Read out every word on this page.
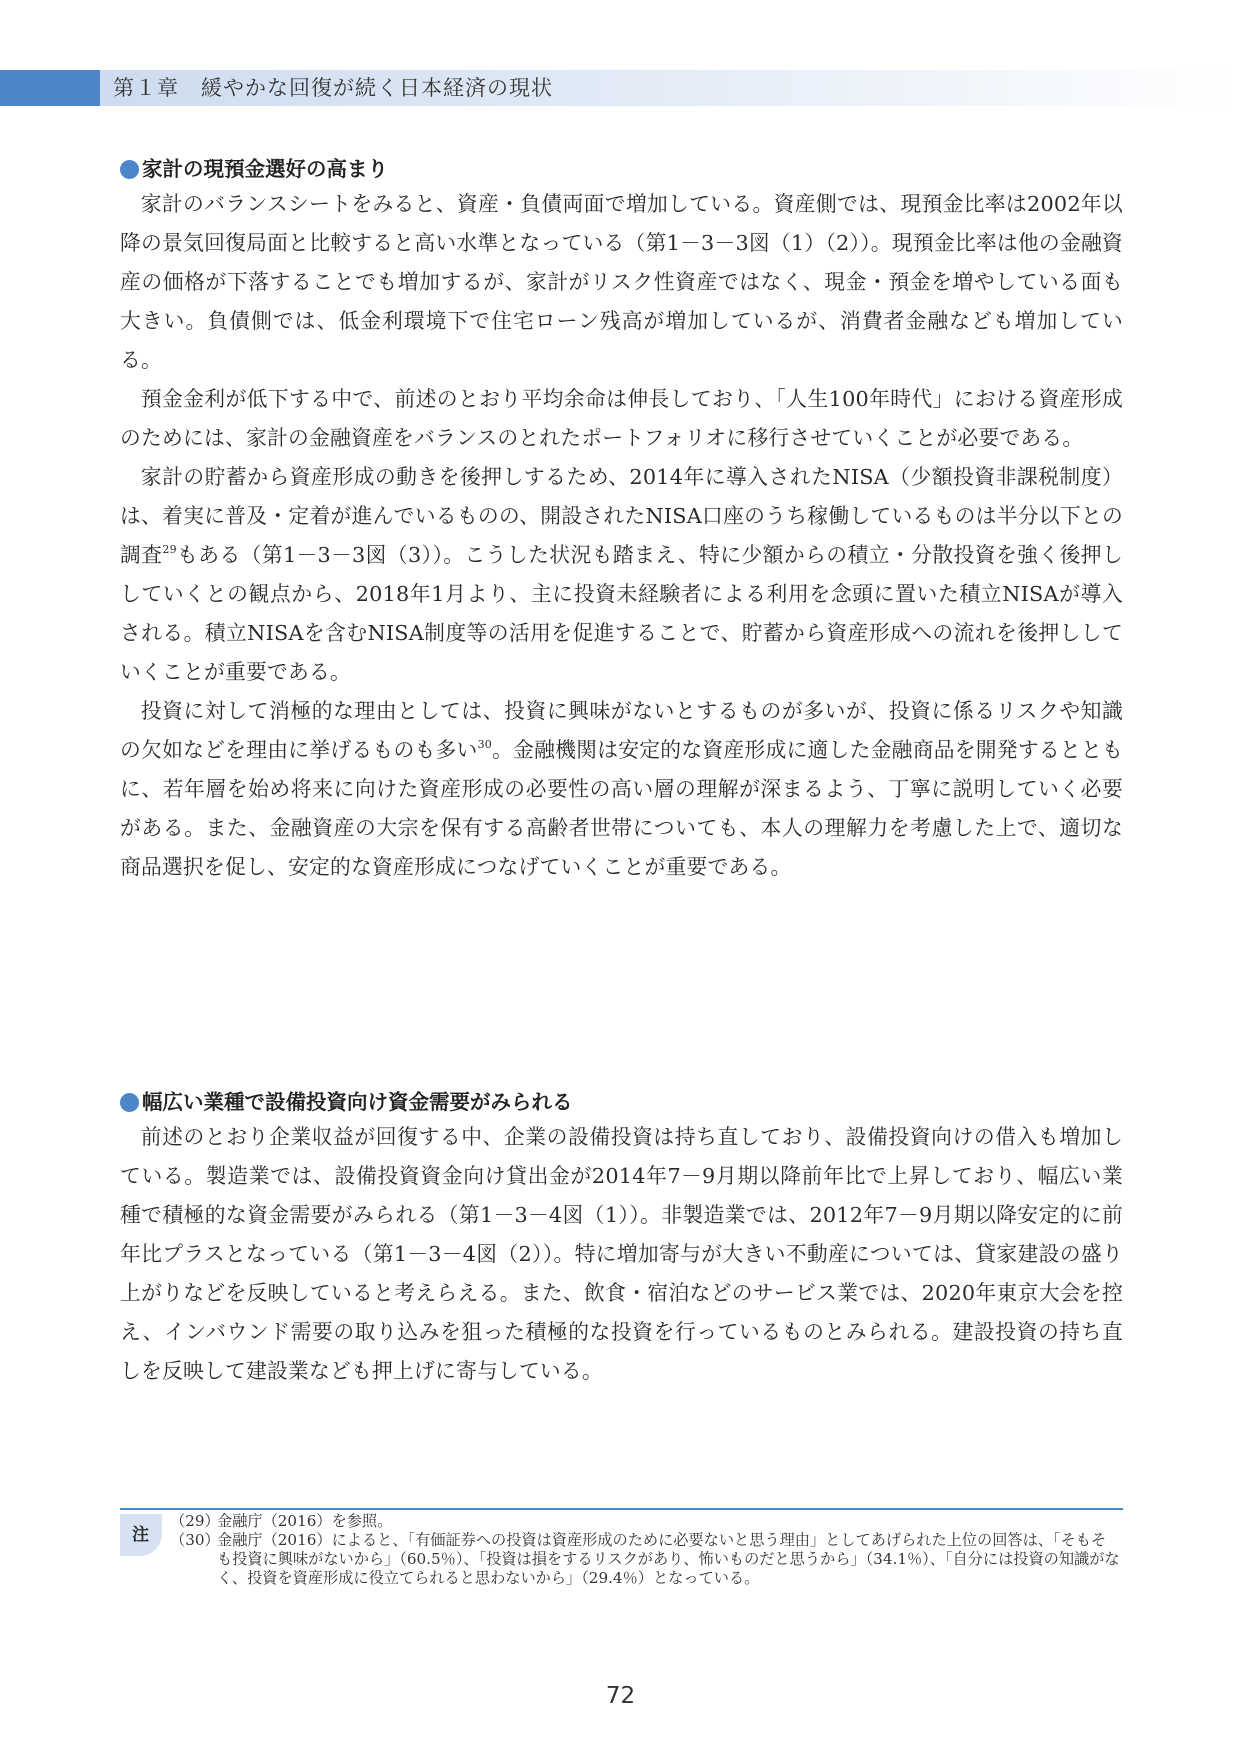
第１章　緩やかな回復が続く日本経済の現状
家計の現預金選好の高まり

家計のバランスシートをみると、資産・負債両面で増加している。資産側では、現預金比率は2002年以降の景気回復局面と比較すると高い水準となっている（第1－3－3図（1）（2））。現預金比率は他の金融資産の価格が下落することでも増加するが、家計がリスク性資産ではなく、現金・預金を増やしている面も大きい。負債側では、低金利環境下で住宅ローン残高が増加しているが、消費者金融なども増加している。

預金金利が低下する中で、前述のとおり平均余命は伸長しており、「人生100年時代」における資産形成のためには、家計の金融資産をバランスのとれたポートフォリオに移行させていくことが必要である。

家計の貯蓄から資産形成の動きを後押しするため、2014年に導入されたNISA（少額投資非課税制度）は、着実に普及・定着が進んでいるものの、開設されたNISA口座のうち稼働しているものは半分以下との調査$^{29}$もある（第1－3－3図（3））。こうした状況も踏まえ、特に少額からの積立・分散投資を強く後押ししていくとの観点から、2018年1月より、主に投資未経験者による利用を念頭に置いた積立NISAが導入される。積立NISAを含むNISA制度等の活用を促進することで、貯蓄から資産形成への流れを後押ししていくことが重要である。

投資に対して消極的な理由としては、投資に興味がないとするものが多いが、投資に係るリスクや知識の欠如などを理由に挙げるものも多い$^{30}$。金融機関は安定的な資産形成に適した金融商品を開発するとともに、若年層を始め将来に向けた資産形成の必要性の高い層の理解が深まるよう、丁寧に説明していく必要がある。また、金融資産の大宗を保有する高齢者世帯についても、本人の理解力を考慮した上で、適切な商品選択を促し、安定的な資産形成につなげていくことが重要である。

幅広い業種で設備投資向け資金需要がみられる

前述のとおり企業収益が回復する中、企業の設備投資は持ち直しており、設備投資向けの借入も増加している。製造業では、設備投資資金向け貸出金が2014年7－9月期以降前年比で上昇しており、幅広い業種で積極的な資金需要がみられる（第1－3－4図（1））。非製造業では、2012年7－9月期以降安定的に前年比プラスとなっている（第1－3－4図（2））。特に増加寄与が大きい不動産については、貸家建設の盛り上がりなどを反映していると考えらえる。また、飲食・宿泊などのサービス業では、2020年東京大会を控え、インバウンド需要の取り込みを狙った積極的な投資を行っているものとみられる。建設投資の持ち直しを反映して建設業なども押上げに寄与している。

注
（29）
金融庁（2016）を参照。
（30）
金融庁（2016）によると、「有価証券への投資は資産形成のために必要ないと思う理由」としてあげられた上位の回答は、「そもそも投資に興味がないから」（60.5％）、「投資は損をするリスクがあり、怖いものだと思うから」（34.1％）、「自分には投資の知識がなく、投資を資産形成に役立てられると思わないから」（29.4％）となっている。
72
